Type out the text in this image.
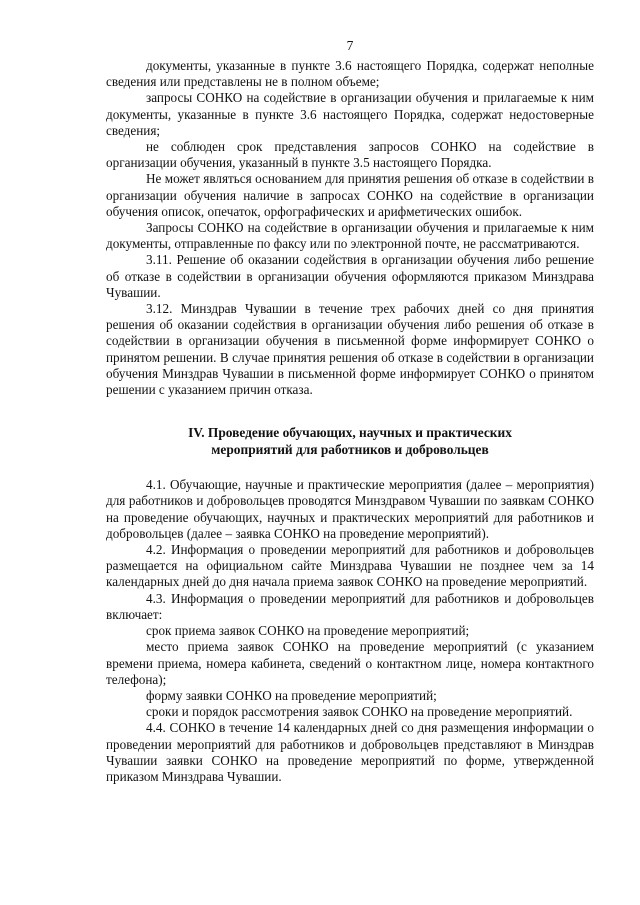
7

документы, указанные в пункте 3.6 настоящего Порядка, содержат неполные сведения или представлены не в полном объеме;

запросы СОНКО на содействие в организации обучения и прилагаемые к ним документы, указанные в пункте 3.6 настоящего Порядка, содержат недостоверные сведения;

не соблюден срок представления запросов СОНКО на содействие в организации обучения, указанный в пункте 3.5 настоящего Порядка.

Не может являться основанием для принятия решения об отказе в содействии в организации обучения наличие в запросах СОНКО на содействие в организации обучения описок, опечаток, орфографических и арифметических ошибок.

Запросы СОНКО на содействие в организации обучения и прилагаемые к ним документы, отправленные по факсу или по электронной почте, не рассматриваются.

3.11. Решение об оказании содействия в организации обучения либо решение об отказе в содействии в организации обучения оформляются приказом Минздрава Чувашии.

3.12. Минздрав Чувашии в течение трех рабочих дней со дня принятия решения об оказании содействия в организации обучения либо решения об отказе в содействии в организации обучения в письменной форме информирует СОНКО о принятом решении. В случае принятия решения об отказе в содействии в организации обучения Минздрав Чувашии в письменной форме информирует СОНКО о принятом решении с указанием причин отказа.

IV. Проведение обучающих, научных и практических
мероприятий для работников и добровольцев

4.1. Обучающие, научные и практические мероприятия (далее – мероприятия) для работников и добровольцев проводятся Минздравом Чувашии по заявкам СОНКО на проведение обучающих, научных и практических мероприятий для работников и добровольцев (далее – заявка СОНКО на проведение мероприятий).

4.2. Информация о проведении мероприятий для работников и добровольцев размещается на официальном сайте Минздрава Чувашии не позднее чем за 14 календарных дней до дня начала приема заявок СОНКО на проведение мероприятий.

4.3. Информация о проведении мероприятий для работников и добровольцев включает:

срок приема заявок СОНКО на проведение мероприятий;

место приема заявок СОНКО на проведение мероприятий (с указанием времени приема, номера кабинета, сведений о контактном лице, номера контактного телефона);

форму заявки СОНКО на проведение мероприятий;

сроки и порядок рассмотрения заявок СОНКО на проведение мероприятий.

4.4. СОНКО в течение 14 календарных дней со дня размещения информации о проведении мероприятий для работников и добровольцев представляют в Минздрав Чувашии заявки СОНКО на проведение мероприятий по форме, утвержденной приказом Минздрава Чувашии.
